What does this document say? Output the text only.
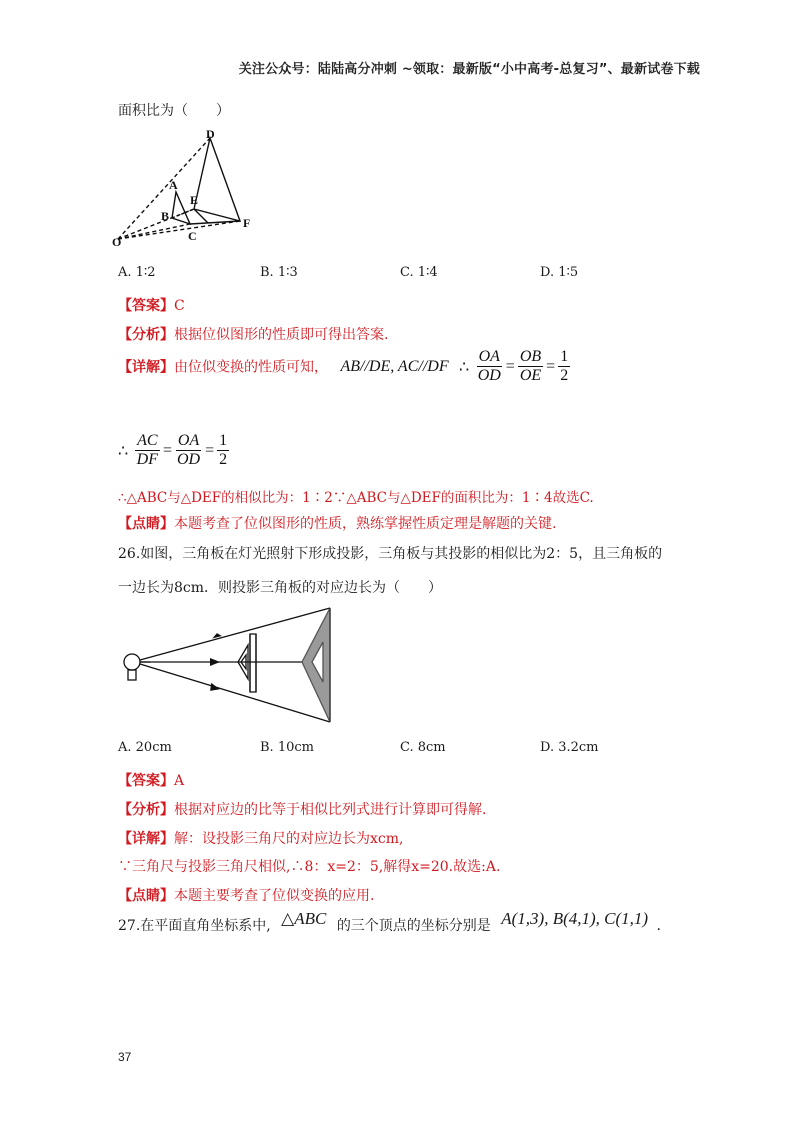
关注公众号：陆陆高分冲刺 ~领取：最新版“小中高考-总复习”、最新试卷下载
面积比为（　　）
D
A
E
B
O	C
F
A. 1∶2	B. 1∶3	C. 1∶4	D. 1∶5
【答案】C
【分析】根据位似图形的性质即可得出答案.
【详解】由位似变换的性质可知， AB//DE, AC//DF ∴ $\frac{OA}{OD} = \frac{OB}{OE} = \frac{1}{2}$
∴ $\frac{AC}{DF} = \frac{OA}{OD} = \frac{1}{2}$
∴△ABC与△DEF的相似比为：1∶2∵△ABC与△DEF的面积比为：1∶4故选C.
【点睛】本题考查了位似图形的性质，熟练掌握性质定理是解题的关键.
26.如图，三角板在灯光照射下形成投影，三角板与其投影的相似比为2：5，且三角板的
一边长为8cm．则投影三角板的对应边长为（　　）
A. 20cm	B. 10cm	C. 8cm	D. 3.2cm
【答案】A
【分析】根据对应边的比等于相似比列式进行计算即可得解.
【详解】解：设投影三角尺的对应边长为xcm,
∵三角尺与投影三角尺相似,∴8：x=2：5,解得x=20.故选:A.
【点睛】本题主要考查了位似变换的应用.
27.在平面直角坐标系中, △ABC 的三个顶点的坐标分别是 A(1,3), B(4,1), C(1,1) .
37
